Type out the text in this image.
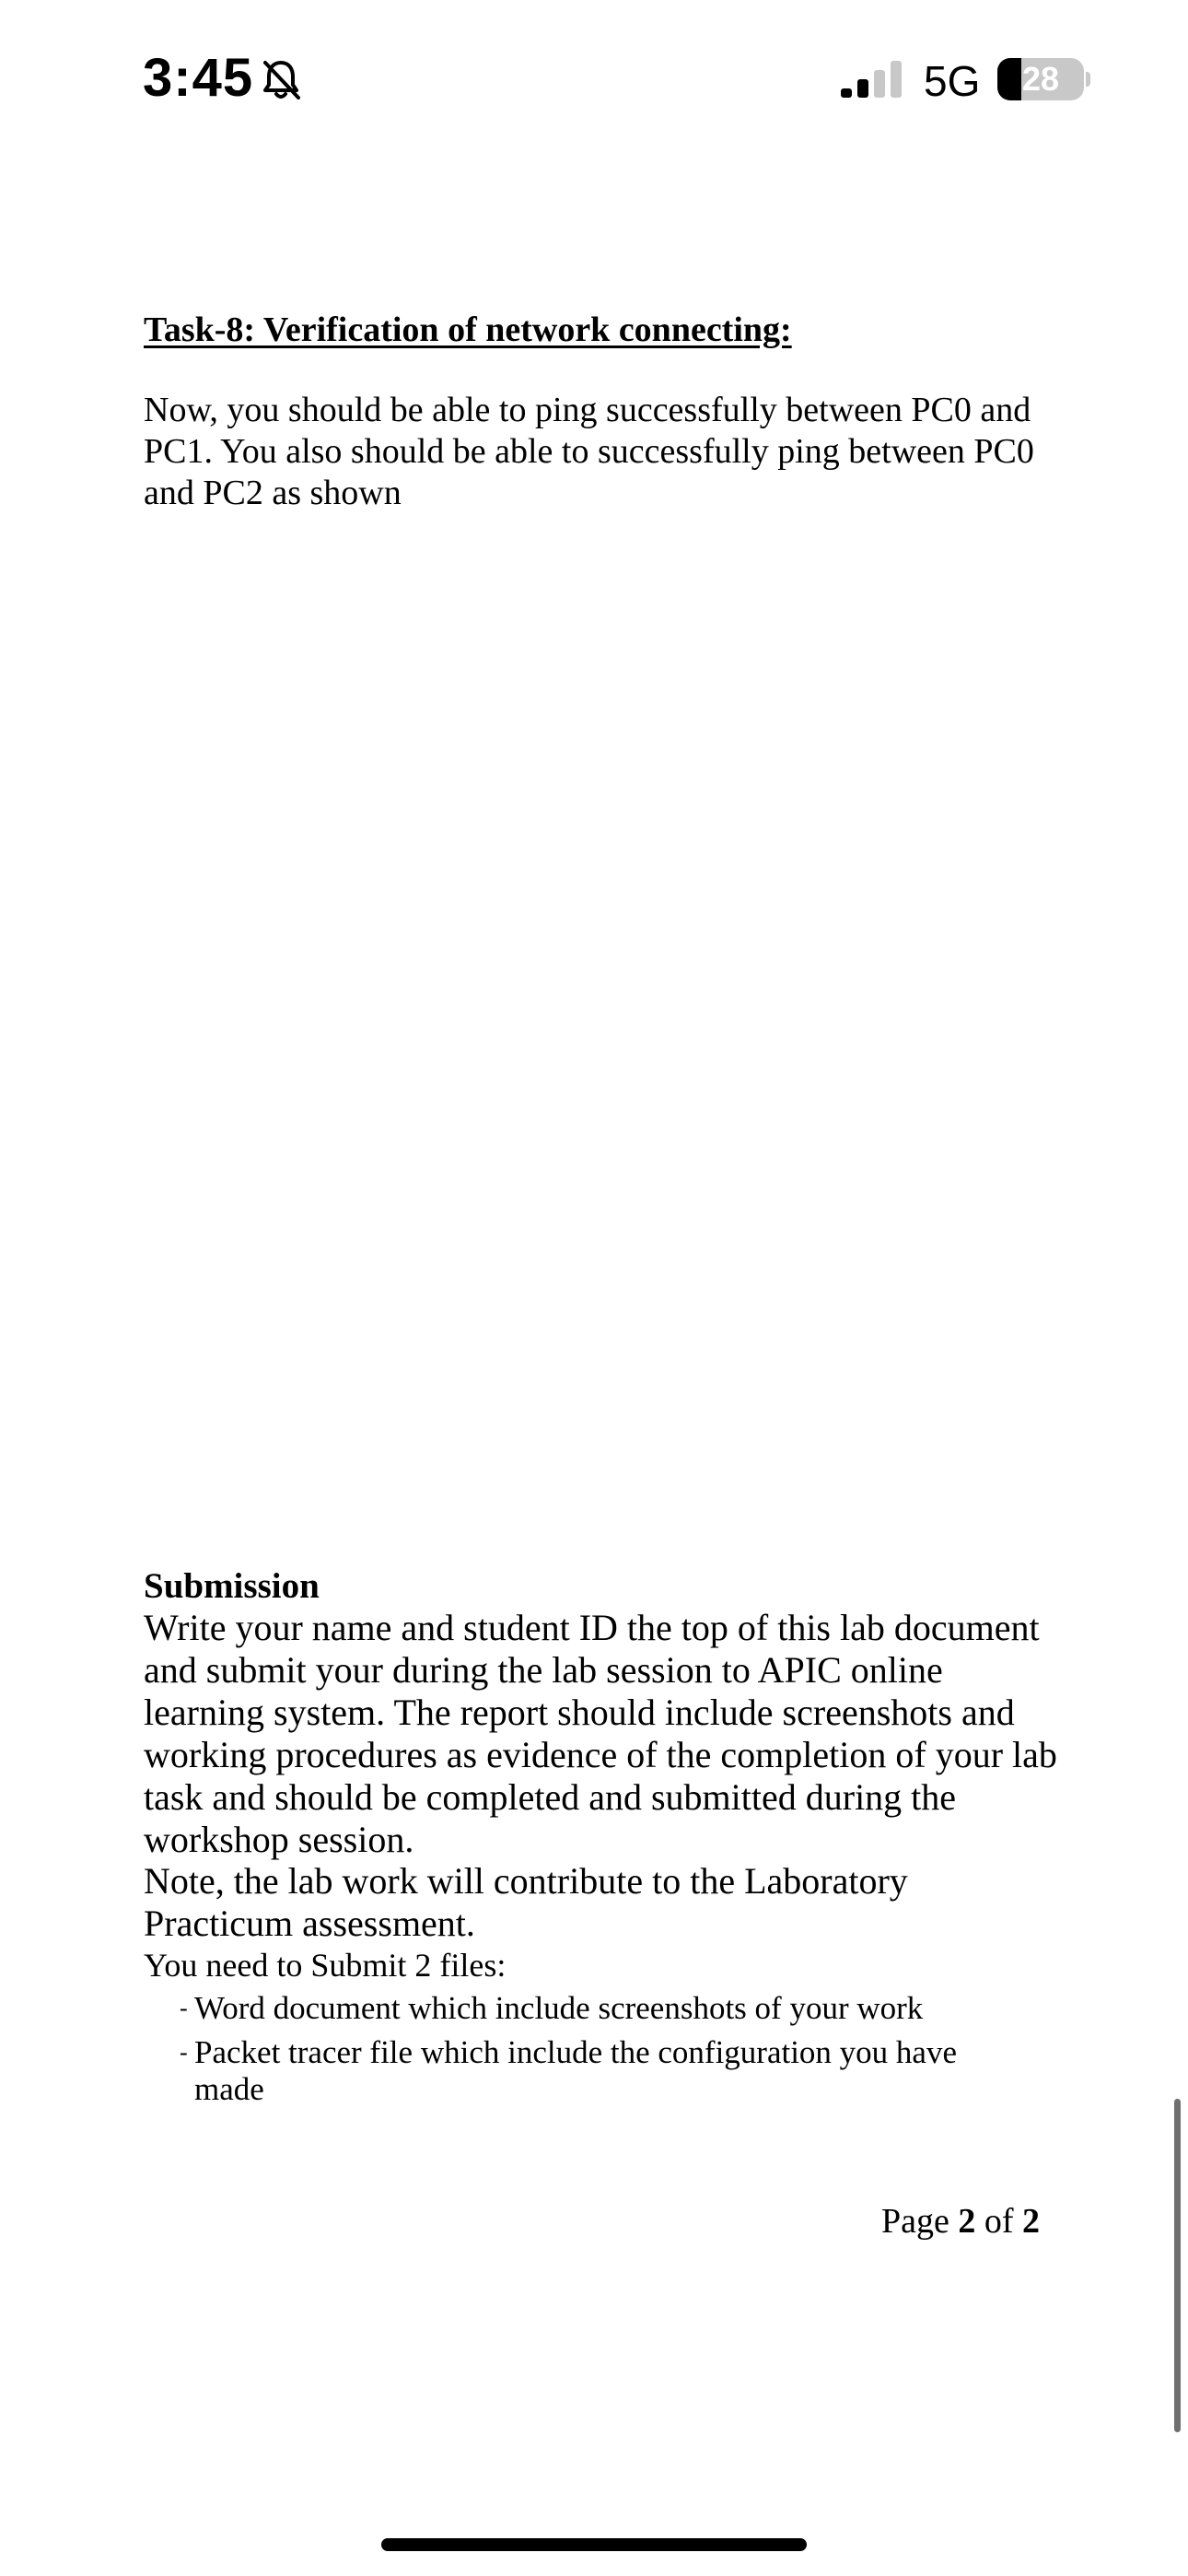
3:45	5G	28
Task-8: Verification of network connecting:
Now, you should be able to ping successfully between PC0 and PC1. You also should be able to successfully ping between PC0 and PC2 as shown
Submission
Write your name and student ID the top of this lab document and submit your during the lab session to APIC online learning system. The report should include screenshots and working procedures as evidence of the completion of your lab task and should be completed and submitted during the workshop session.
Note, the lab work will contribute to the Laboratory Practicum assessment.
You need to Submit 2 files:
- Word document which include screenshots of your work
- Packet tracer file which include the configuration you have made
Page 2 of 2
